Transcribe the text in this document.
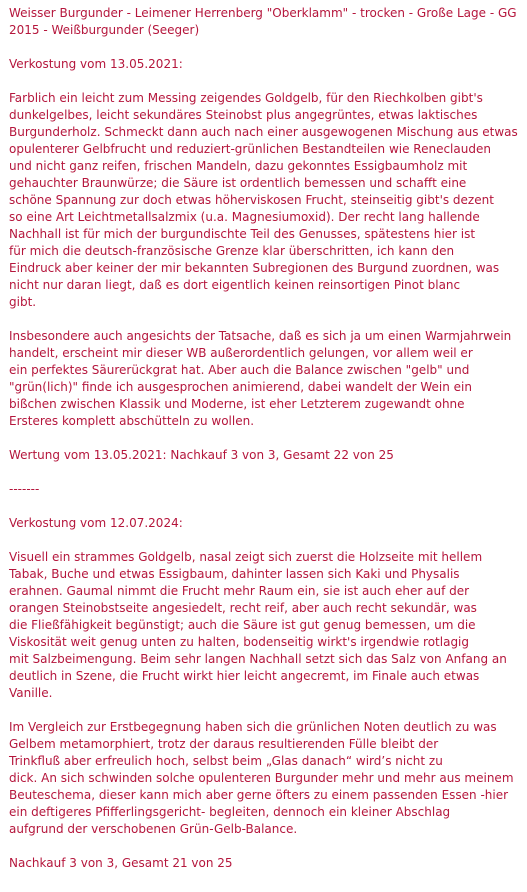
Weisser Burgunder - Leimener Herrenberg "Oberklamm" - trocken - Große Lage - GG
2015 - Weißburgunder (Seeger)

Verkostung vom 13.05.2021:

Farblich ein leicht zum Messing zeigendes Goldgelb, für den Riechkolben gibt's
dunkelgelbes, leicht sekundäres Steinobst plus angegrüntes, etwas laktisches
Burgunderholz. Schmeckt dann auch nach einer ausgewogenen Mischung aus etwas
opulenterer Gelbfrucht und reduziert-grünlichen Bestandteilen wie Reneclauden
und nicht ganz reifen, frischen Mandeln, dazu gekonntes Essigbaumholz mit
gehauchter Braunwürze; die Säure ist ordentlich bemessen und schafft eine
schöne Spannung zur doch etwas höherviskosen Frucht, steinseitig gibt's dezent
so eine Art Leichtmetallsalzmix (u.a. Magnesiumoxid). Der recht lang hallende
Nachhall ist für mich der burgundischte Teil des Genusses, spätestens hier ist
für mich die deutsch-französische Grenze klar überschritten, ich kann den
Eindruck aber keiner der mir bekannten Subregionen des Burgund zuordnen, was
nicht nur daran liegt, daß es dort eigentlich keinen reinsortigen Pinot blanc
gibt.

Insbesondere auch angesichts der Tatsache, daß es sich ja um einen Warmjahrwein
handelt, erscheint mir dieser WB außerordentlich gelungen, vor allem weil er
ein perfektes Säurerückgrat hat. Aber auch die Balance zwischen "gelb" und
"grün(lich)" finde ich ausgesprochen animierend, dabei wandelt der Wein ein
bißchen zwischen Klassik und Moderne, ist eher Letzterem zugewandt ohne
Ersteres komplett abschütteln zu wollen.

Wertung vom 13.05.2021: Nachkauf 3 von 3, Gesamt 22 von 25

-------

Verkostung vom 12.07.2024:

Visuell ein strammes Goldgelb, nasal zeigt sich zuerst die Holzseite mit hellem
Tabak, Buche und etwas Essigbaum, dahinter lassen sich Kaki und Physalis
erahnen. Gaumal nimmt die Frucht mehr Raum ein, sie ist auch eher auf der
orangen Steinobstseite angesiedelt, recht reif, aber auch recht sekundär, was
die Fließfähigkeit begünstigt; auch die Säure ist gut genug bemessen, um die
Viskosität weit genug unten zu halten, bodenseitig wirkt's irgendwie rotlagig
mit Salzbeimengung. Beim sehr langen Nachhall setzt sich das Salz von Anfang an
deutlich in Szene, die Frucht wirkt hier leicht angecremt, im Finale auch etwas
Vanille.

Im Vergleich zur Erstbegegnung haben sich die grünlichen Noten deutlich zu was
Gelbem metamorphiert, trotz der daraus resultierenden Fülle bleibt der
Trinkfluß aber erfreulich hoch, selbst beim „Glas danach“ wird’s nicht zu
dick. An sich schwinden solche opulenteren Burgunder mehr und mehr aus meinem
Beuteschema, dieser kann mich aber gerne öfters zu einem passenden Essen -hier
ein deftigeres Pfifferlingsgericht- begleiten, dennoch ein kleiner Abschlag
aufgrund der verschobenen Grün-Gelb-Balance.

Nachkauf 3 von 3, Gesamt 21 von 25
